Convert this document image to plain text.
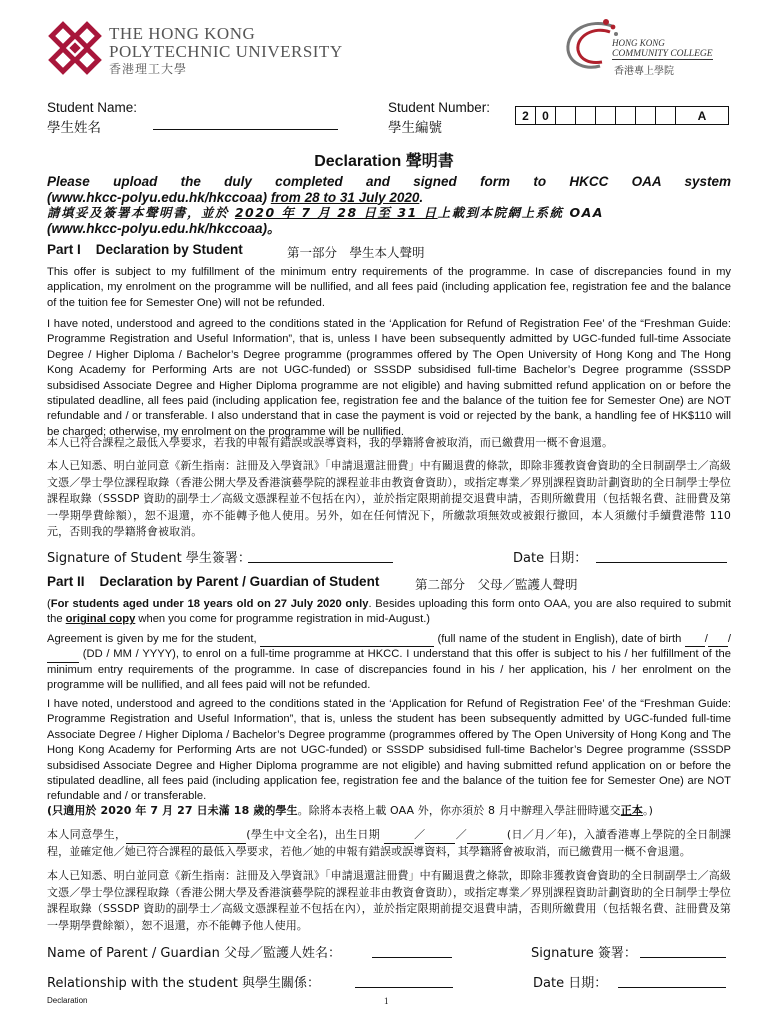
THE HONG KONG
POLYTECHNIC UNIVERSITY
香港理工大學
HONG KONG
COMMUNITY COLLEGE
香港專上學院
Student Name:
學生姓名
Student Number:
學生編號
2	0							A
Declaration 聲明書
Please upload the duly completed and signed form to HKCC OAA system
(www.hkcc-polyu.edu.hk/hkccoaa) from 28 to 31 July 2020.
請填妥及簽署本聲明書，並於 2020 年 7 月 28 日至 31 日上載到本院網上系統 OAA
(www.hkcc-polyu.edu.hk/hkccoaa)。
Part I    Declaration by Student	第一部分　學生本人聲明

This offer is subject to my fulfillment of the minimum entry requirements of the programme. In case of discrepancies found in my application, my enrolment on the programme will be nullified, and all fees paid (including application fee, registration fee and the balance of the tuition fee for Semester One) will not be refunded.

I have noted, understood and agreed to the conditions stated in the ‘Application for Refund of Registration Fee’ of the “Freshman Guide: Programme Registration and Useful Information”, that is, unless I have been subsequently admitted by UGC-funded full-time Associate Degree / Higher Diploma / Bachelor’s Degree programme (programmes offered by The Open University of Hong Kong and The Hong Kong Academy for Performing Arts are not UGC-funded) or SSSDP subsidised full-time Bachelor’s Degree programme (SSSDP subsidised Associate Degree and Higher Diploma programme are not eligible) and having submitted refund application on or before the stipulated deadline, all fees paid (including application fee, registration fee and the balance of the tuition fee for Semester One) are NOT refundable and / or transferable. I also understand that in case the payment is void or rejected by the bank, a handling fee of HK$110 will be charged; otherwise, my enrolment on the programme will be nullified.

本人已符合課程之最低入學要求，若我的申報有錯誤或誤導資料，我的學籍將會被取消，而已繳費用一概不會退還。

本人已知悉、明白並同意《新生指南：註冊及入學資訊》「申請退還註冊費」中有關退費的條款，即除非獲教資會資助的全日制副學士／高級文憑／學士學位課程取錄（香港公開大學及香港演藝學院的課程並非由教資會資助），或指定專業／界別課程資助計劃資助的全日制學士學位課程取錄（SSSDP 資助的副學士／高級文憑課程並不包括在內），並於指定限期前提交退費申請，否則所繳費用（包括報名費、註冊費及第一學期學費餘額），恕不退還，亦不能轉予他人使用。另外，如在任何情況下，所繳款項無效或被銀行撤回，本人須繳付手續費港幣 110 元，否則我的學籍將會被取消。

Signature of Student 學生簽署：	Date 日期：
Part II    Declaration by Parent / Guardian of Student	第二部分　父母／監護人聲明

(For students aged under 18 years old on 27 July 2020 only. Besides uploading this form onto OAA, you are also required to submit the original copy when you come for programme registration in mid-August.)

Agreement is given by me for the student,	(full name of the student in English), date of birth / / (DD / MM / YYYY), to enrol on a full-time programme at HKCC. I understand that this offer is subject to his / her fulfillment of the minimum entry requirements of the programme. In case of discrepancies found in his / her application, his / her enrolment on the programme will be nullified, and all fees paid will not be refunded.

I have noted, understood and agreed to the conditions stated in the ‘Application for Refund of Registration Fee’ of the “Freshman Guide: Programme Registration and Useful Information”, that is, unless the student has been subsequently admitted by UGC-funded full-time Associate Degree / Higher Diploma / Bachelor’s Degree programme (programmes offered by The Open University of Hong Kong and The Hong Kong Academy for Performing Arts are not UGC-funded) or SSSDP subsidised full-time Bachelor’s Degree programme (SSSDP subsidised Associate Degree and Higher Diploma programme are not eligible) and having submitted refund application on or before the stipulated deadline, all fees paid (including application fee, registration fee and the balance of the tuition fee for Semester One) are NOT refundable and / or transferable.

(只適用於 2020 年 7 月 27 日未滿 18 歲的學生。除將本表格上載 OAA 外，你亦須於 8 月中辦理入學註冊時遞交正本。)

本人同意學生，	(學生中文全名)，出生日期	／	／	(日／月／年)，入讀香港專上學院的全日制課程，並確定他／她已符合課程的最低入學要求，若他／她的申報有錯誤或誤導資料，其學籍將會被取消，而已繳費用一概不會退還。

本人已知悉、明白並同意《新生指南：註冊及入學資訊》「申請退還註冊費」中有關退費之條款，即除非獲教資會資助的全日制副學士／高級文憑／學士學位課程取錄（香港公開大學及香港演藝學院的課程並非由教資會資助），或指定專業／界別課程資助計劃資助的全日制學士學位課程取錄（SSSDP 資助的副學士／高級文憑課程並不包括在內），並於指定限期前提交退費申請，否則所繳費用（包括報名費、註冊費及第一學期學費餘額），恕不退還，亦不能轉予他人使用。

Name of Parent / Guardian 父母／監護人姓名：	Signature 簽署：
Relationship with the student 與學生關係：	Date 日期：
Declaration	1
